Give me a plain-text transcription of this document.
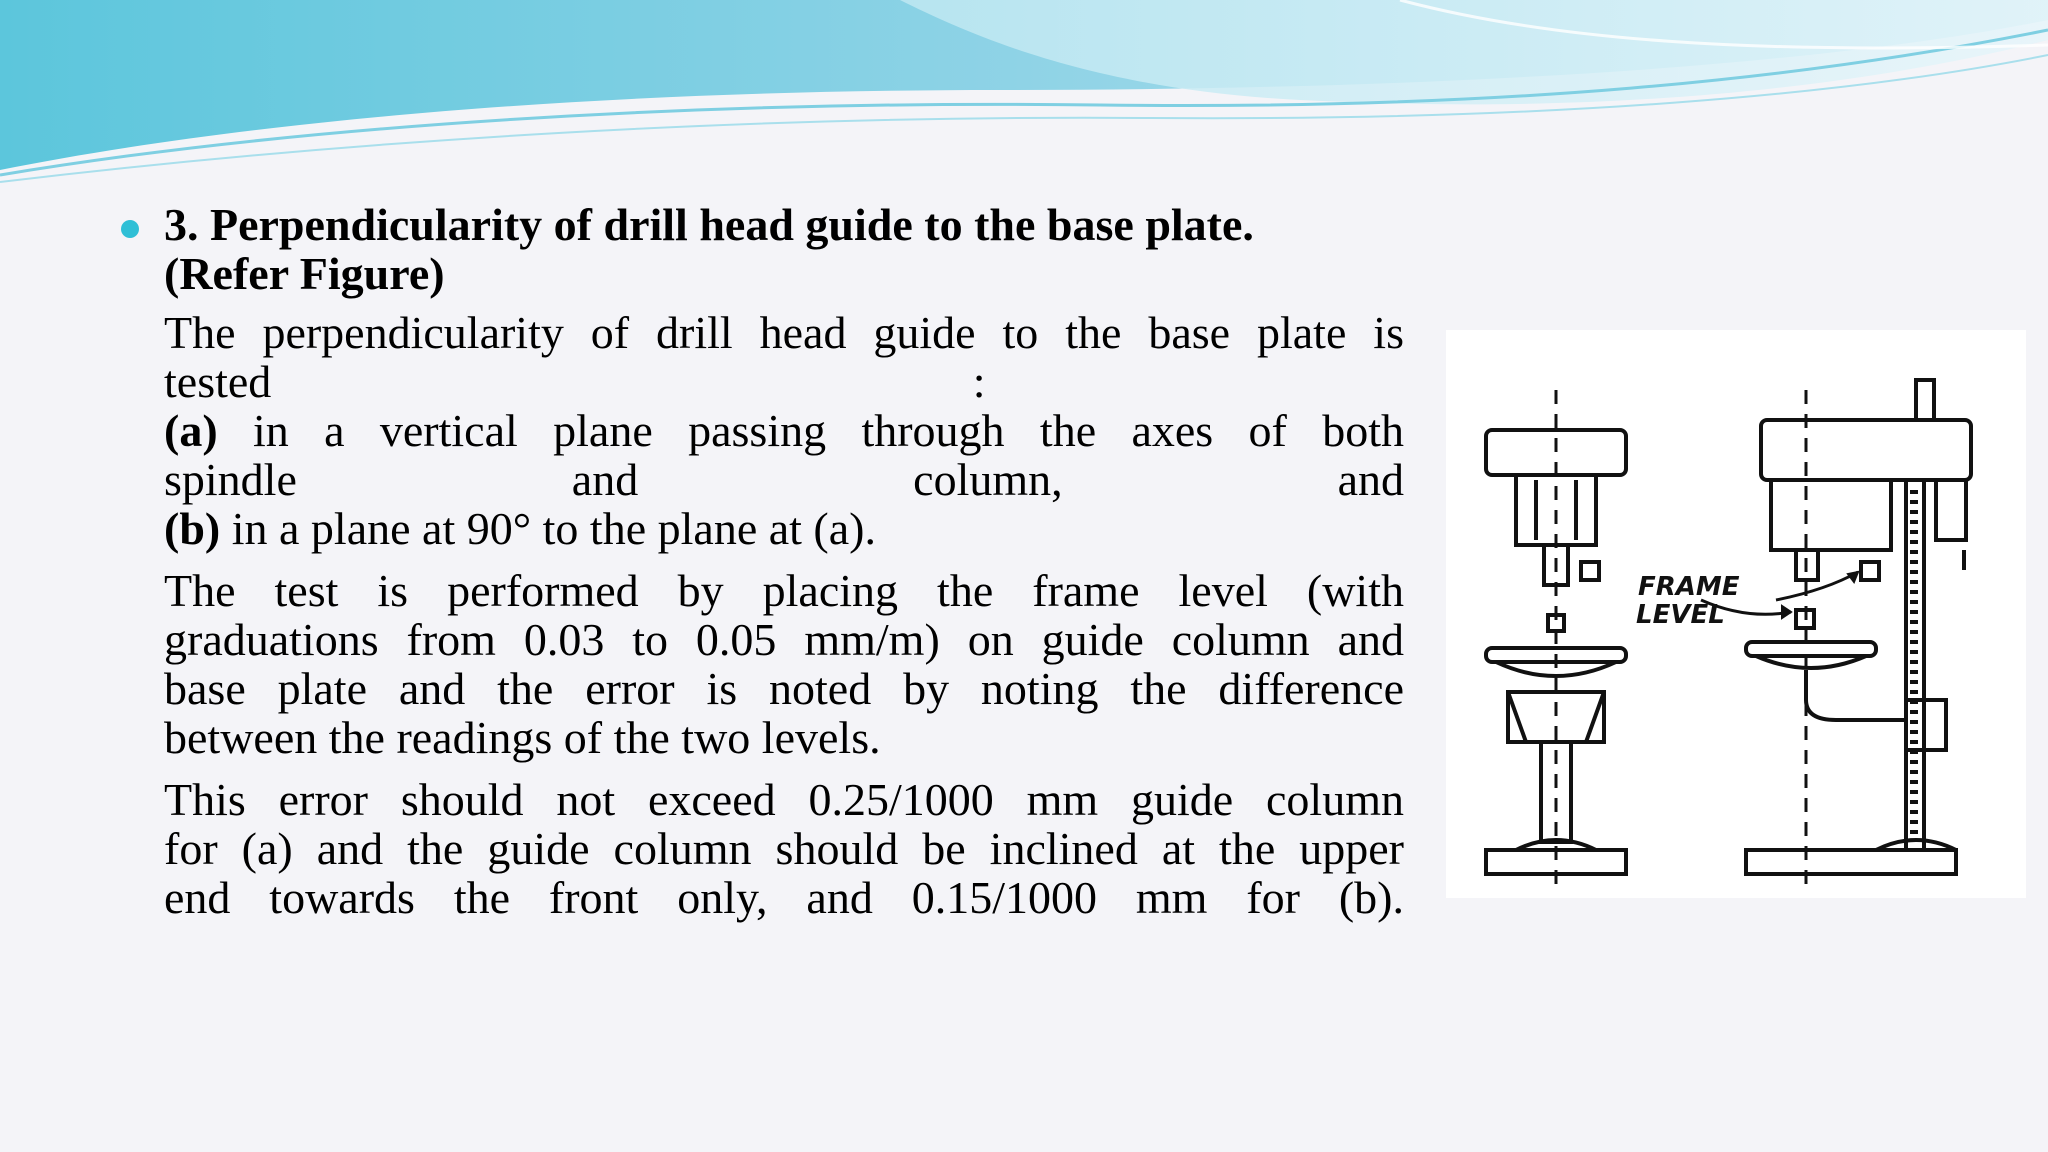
3. Perpendicularity of drill head guide to the base plate.
(Refer Figure)
The perpendicularity of drill head guide to the base plate is
tested                                                             :
(a) in a vertical plane passing through the axes of both
spindle and column, and
(b) in a plane at 90° to the plane at (a).
The test is performed by placing the frame level (with
graduations from 0.03 to 0.05 mm/m) on guide column and
base plate and the error is noted by noting the difference
between the readings of the two levels.
This error should not exceed 0.25/1000 mm guide column
for (a) and the guide column should be inclined at the upper
end towards the front only, and 0.15/1000 mm for (b).
FRAME
LEVEL
